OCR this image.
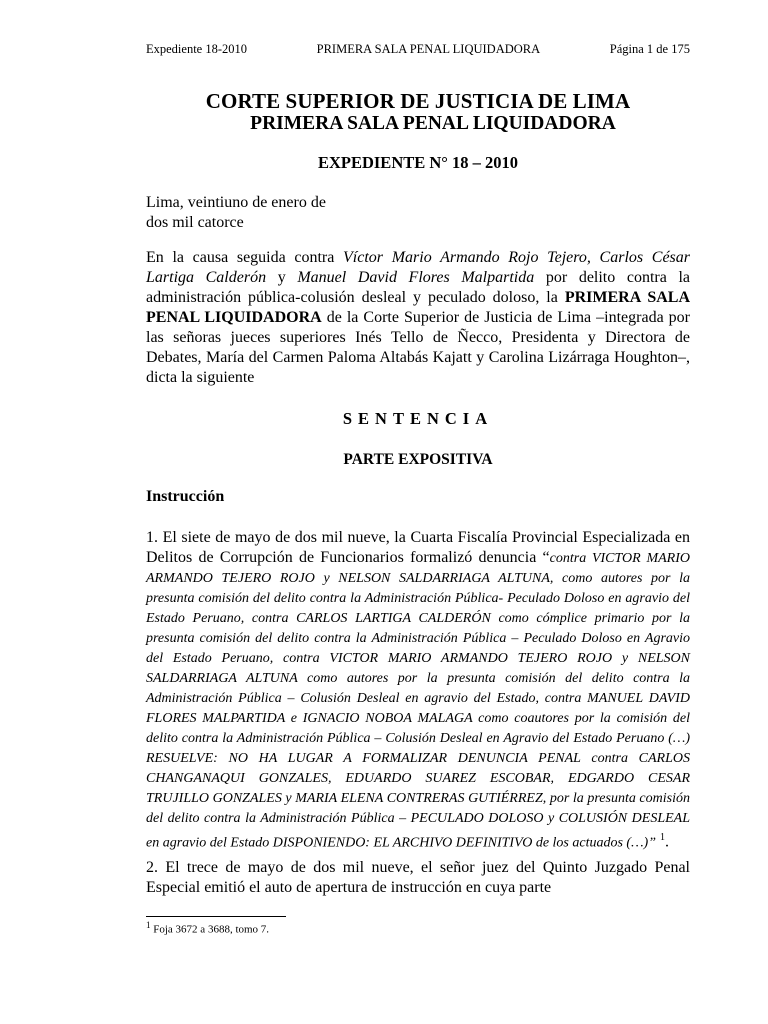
Expediente 18-2010	PRIMERA SALA PENAL LIQUIDADORA	Página 1 de 175
CORTE SUPERIOR DE JUSTICIA DE LIMA
PRIMERA SALA PENAL LIQUIDADORA
EXPEDIENTE N° 18 – 2010
Lima, veintiuno de enero de
dos mil catorce
En la causa seguida contra Víctor Mario Armando Rojo Tejero, Carlos César Lartiga Calderón y Manuel David Flores Malpartida por delito contra la administración pública-colusión desleal y peculado doloso, la PRIMERA SALA PENAL LIQUIDADORA de la Corte Superior de Justicia de Lima –integrada por las señoras jueces superiores Inés Tello de Ñecco, Presidenta y Directora de Debates, María del Carmen Paloma Altabás Kajatt y Carolina Lizárraga Houghton–, dicta la siguiente
SENTENCIA
PARTE EXPOSITIVA
Instrucción
1. El siete de mayo de dos mil nueve, la Cuarta Fiscalía Provincial Especializada en Delitos de Corrupción de Funcionarios formalizó denuncia “contra VICTOR MARIO ARMANDO TEJERO ROJO y NELSON SALDARRIAGA ALTUNA, como autores por la presunta comisión del delito contra la Administración Pública- Peculado Doloso en agravio del Estado Peruano, contra CARLOS LARTIGA CALDERÓN como cómplice primario por la presunta comisión del delito contra la Administración Pública – Peculado Doloso en Agravio del Estado Peruano, contra VICTOR MARIO ARMANDO TEJERO ROJO y NELSON SALDARRIAGA ALTUNA como autores por la presunta comisión del delito contra la Administración Pública – Colusión Desleal en agravio del Estado, contra MANUEL DAVID FLORES MALPARTIDA e IGNACIO NOBOA MALAGA como coautores por la comisión del delito contra la Administración Pública – Colusión Desleal en Agravio del Estado Peruano (…) RESUELVE: NO HA LUGAR A FORMALIZAR DENUNCIA PENAL contra CARLOS CHANGANAQUI GONZALES, EDUARDO SUAREZ ESCOBAR, EDGARDO CESAR TRUJILLO GONZALES y MARIA ELENA CONTRERAS GUTIÉRREZ, por la presunta comisión del delito contra la Administración Pública – PECULADO DOLOSO y COLUSIÓN DESLEAL en agravio del Estado DISPONIENDO: EL ARCHIVO DEFINITIVO de los actuados (…)” $^1$.
2. El trece de mayo de dos mil nueve, el señor juez del Quinto Juzgado Penal Especial emitió el auto de apertura de instrucción en cuya parte
$^1$ Foja 3672 a 3688, tomo 7.
